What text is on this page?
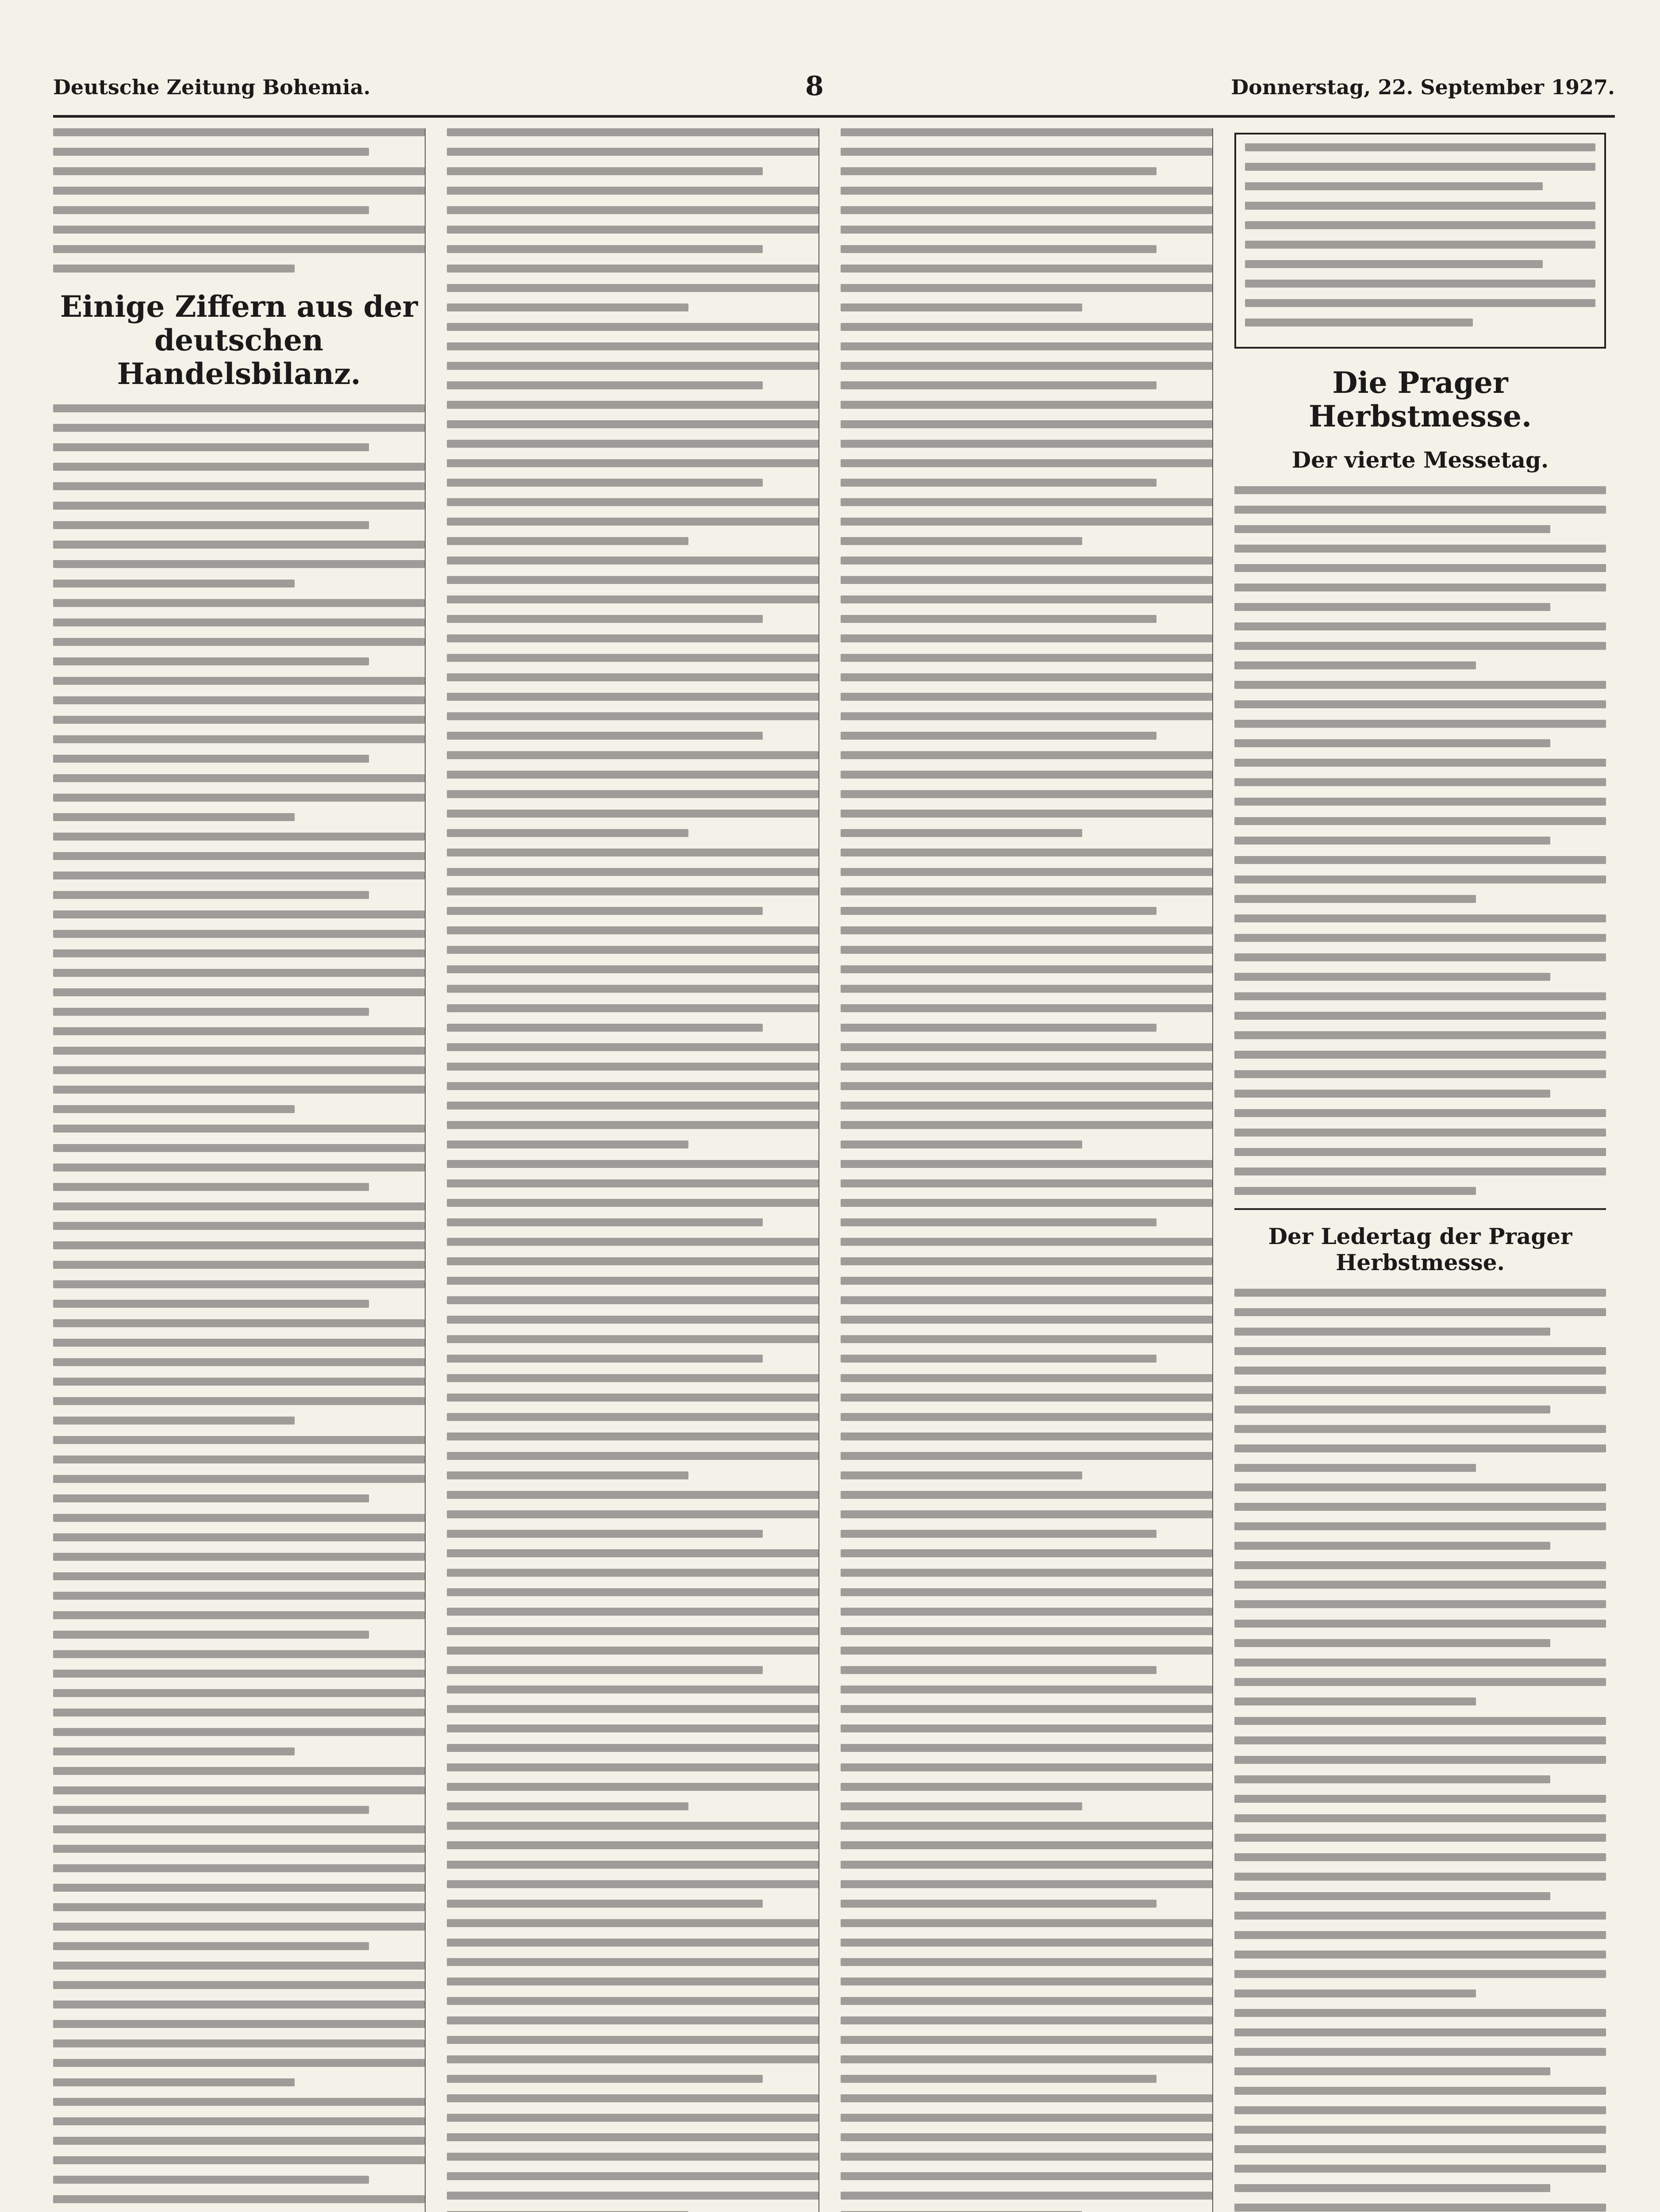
Deutsche Zeitung Bohemia.	8	Donnerstag, 22. September 1927.
Einige Ziffern aus der deutschen Handelsbilanz.	Die Prager Herbstmesse.
Der vierte Messetag.
Der Ledertag der Prager Herbstmesse.
